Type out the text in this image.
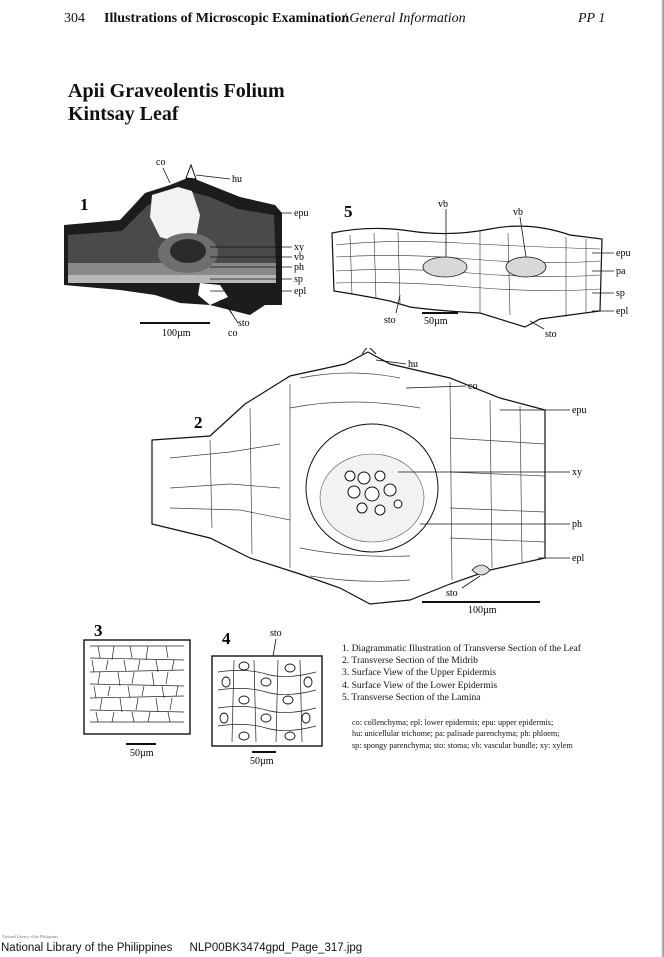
304 Illustrations of Microscopic Examination
/ General Information	PP 1
Apii Graveolentis Folium
Kintsay Leaf
1
co
hu
epu
xy
vb
ph
sp
epl
sto
co
100µm
5	vb
vb
epu
pa
sp
epl
sto
sto
50µm
2
hu
co
epu
xy
ph
epl
sto
100µm
3
50µm
4	sto
50µm
1. Diagrammatic Illustration of Transverse Section of the Leaf
2. Transverse Section of the Midrib
3. Surface View of the Upper Epidermis
4. Surface View of the Lower Epidermis
5. Transverse Section of the Lamina
co: collenchyma; epl: lower epidermis; epu: upper epidermis;
hu: unicellular trichome; pa: palisade parenchyma; ph: phloem;
sp: spongy parenchyma; sto: stoma; vb: vascular bundle; xy: xylem
National Library of the Philippines
National Library of the Philippines NLP00BK3474gpd_Page_317.jpg
